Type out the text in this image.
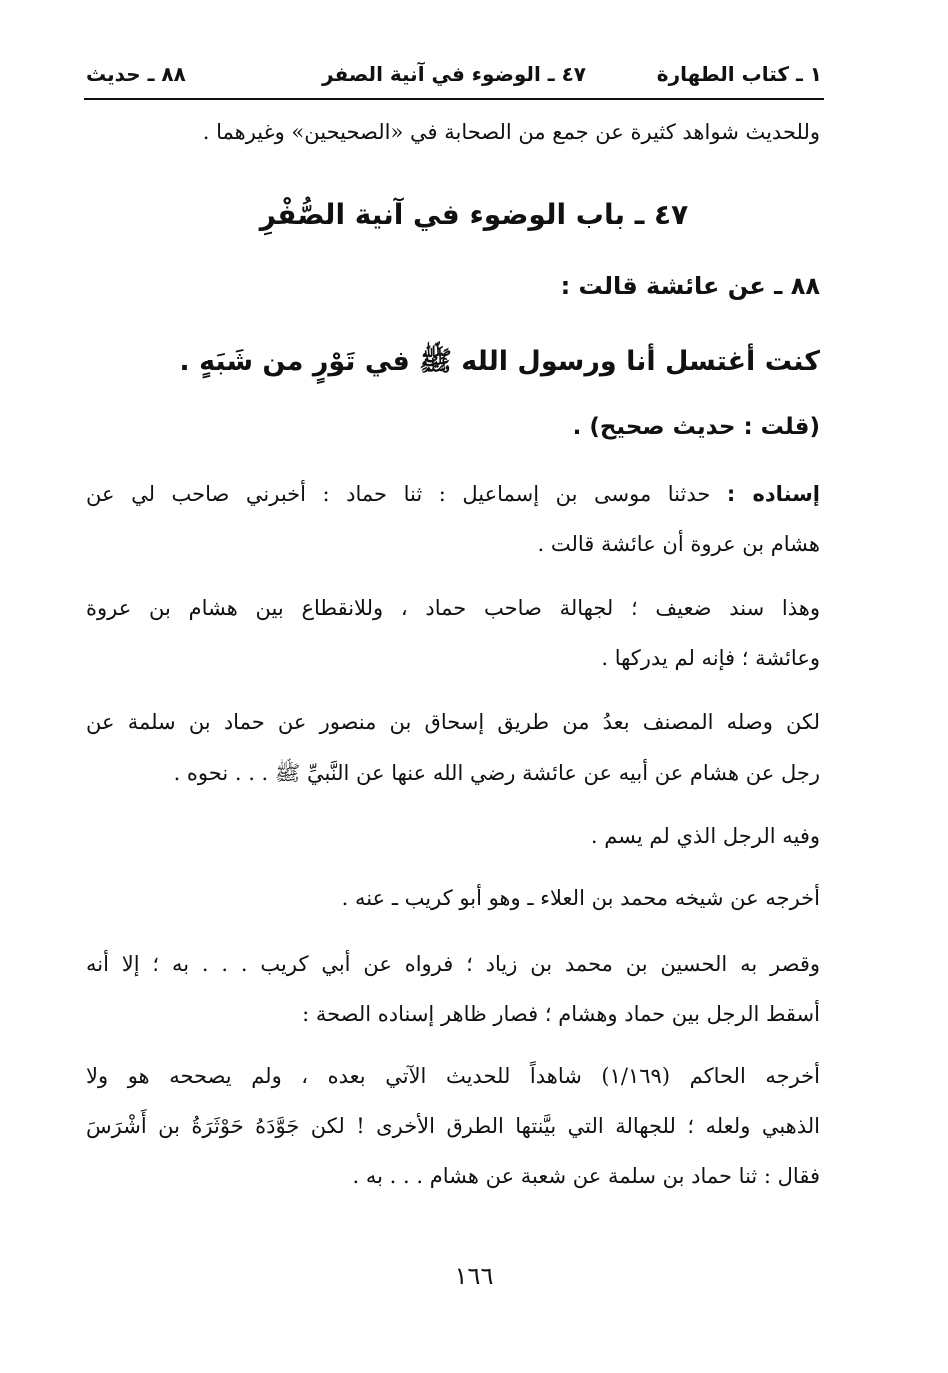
١ ـ كتاب الطهارة
٤٧ ـ الوضوء في آنية الصفر
٨٨ ـ حديث
وللحديث شواهد كثيرة عن جمع من الصحابة في «الصحيحين» وغيرهما .
٤٧ ـ باب الوضوء في آنية الصُّفْرِ
٨٨ ـ عن عائشة قالت :
كنت أغتسل أنا ورسول الله ﷺ في تَوْرٍ من شَبَهٍ .
(قلت : حديث صحيح) .
إسناده : حدثنا موسى بن إسماعيل : ثنا حماد : أخبرني صاحب لي عن
هشام بن عروة أن عائشة قالت .
وهذا سند ضعيف ؛ لجهالة صاحب حماد ، وللانقطاع بين هشام بن عروة
وعائشة ؛ فإنه لم يدركها .
لكن وصله المصنف بعدُ من طريق إسحاق بن منصور عن حماد بن سلمة عن
رجل عن هشام عن أبيه عن عائشة رضي الله عنها عن النَّبيِّ ﷺ . . . نحوه .
وفيه الرجل الذي لم يسم .
أخرجه عن شيخه محمد بن العلاء ـ وهو أبو كريب ـ عنه .
وقصر به الحسين بن محمد بن زياد ؛ فرواه عن أبي كريب . . . به ؛ إلا أنه
أسقط الرجل بين حماد وهشام ؛ فصار ظاهر إسناده الصحة :
أخرجه الحاكم (١/١٦٩) شاهداً للحديث الآتي بعده ، ولم يصححه هو ولا
الذهبي ولعله ؛ للجهالة التي بيَّنتها الطرق الأخرى ! لكن جَوَّدَهُ حَوْثَرَةُ بن أَشْرَسَ
فقال : ثنا حماد بن سلمة عن شعبة عن هشام . . . به .
١٦٦
